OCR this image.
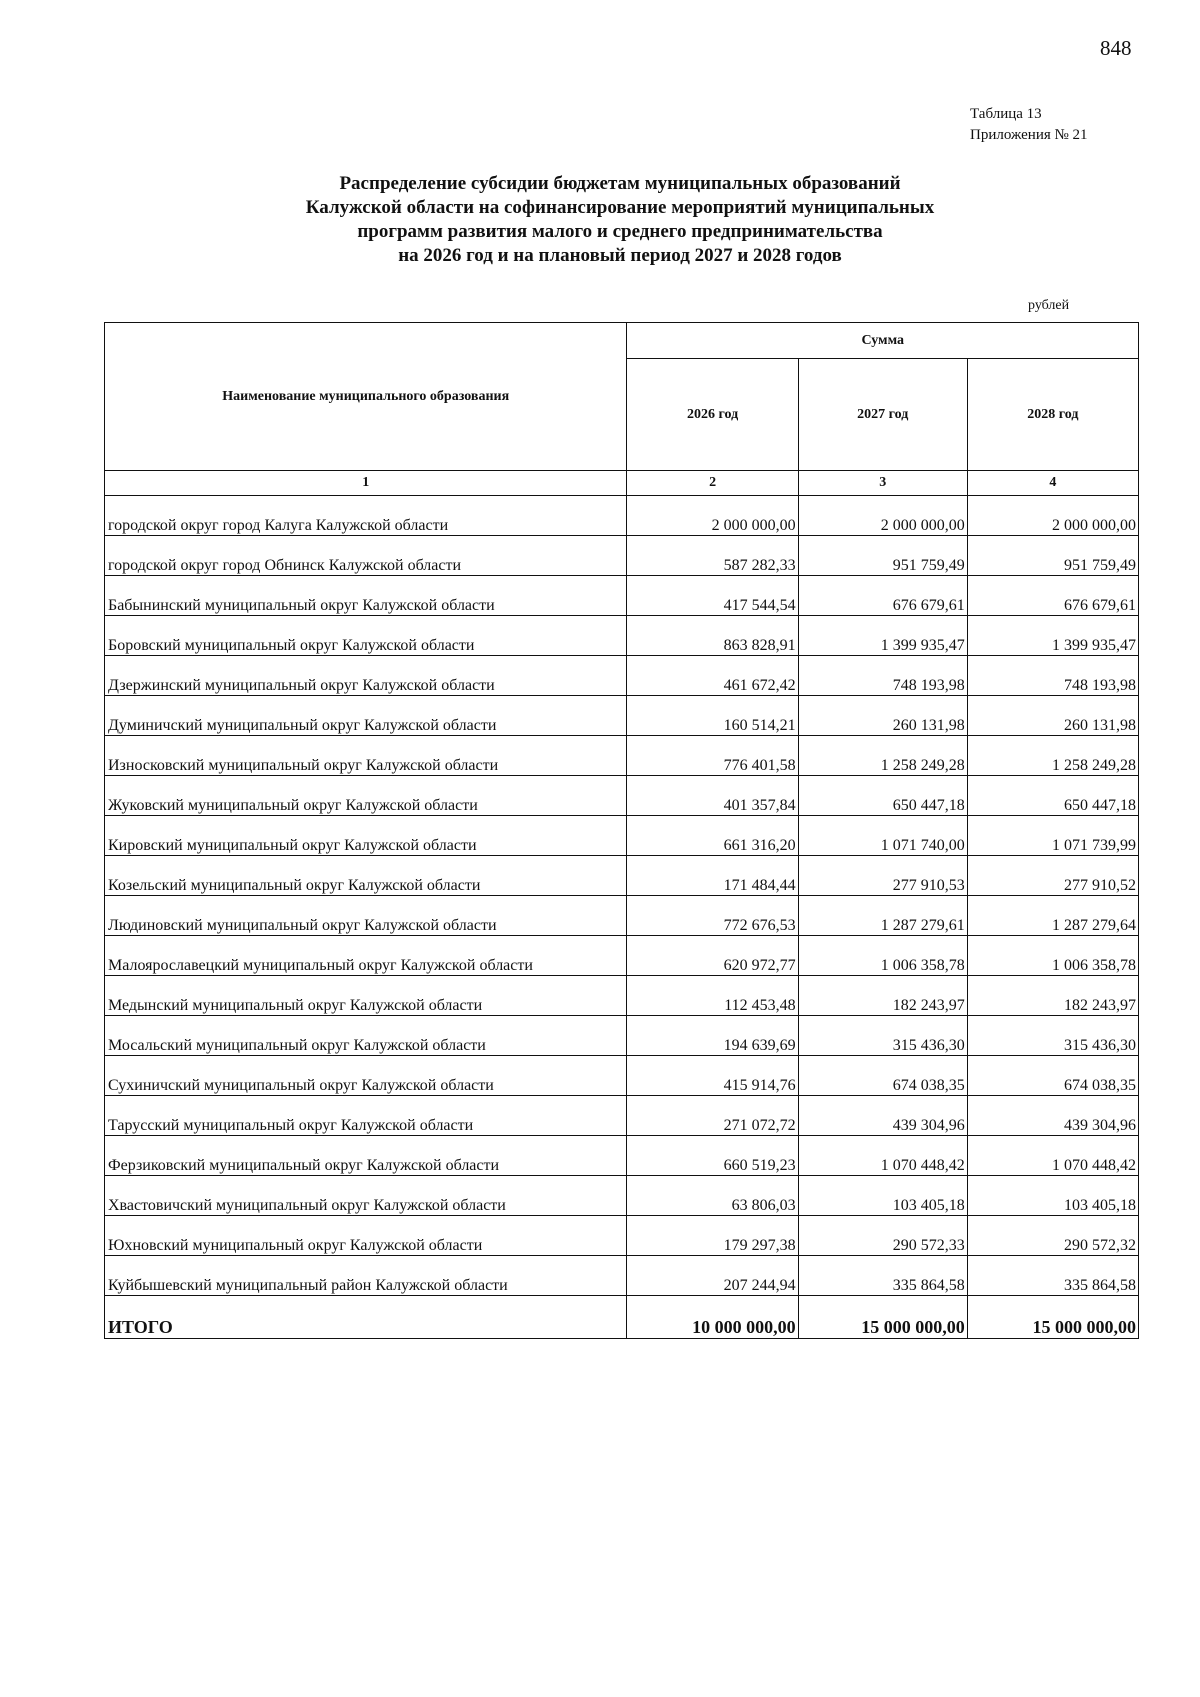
848
Таблица 13
Приложения № 21
Распределение субсидии бюджетам муниципальных образований
Калужской области на софинансирование мероприятий муниципальных
программ развития малого и среднего предпринимательства
на 2026 год и на плановый период 2027 и 2028 годов
рублей
Наименование муниципального образования	Сумма		
	2026 год	2027 год	2028 год
1	2	3	4
городской округ город Калуга Калужской области	2 000 000,00	2 000 000,00	2 000 000,00
городской округ город Обнинск Калужской области	587 282,33	951 759,49	951 759,49
Бабынинский муниципальный округ Калужской области	417 544,54	676 679,61	676 679,61
Боровский муниципальный округ Калужской области	863 828,91	1 399 935,47	1 399 935,47
Дзержинский муниципальный округ Калужской области	461 672,42	748 193,98	748 193,98
Думиничский муниципальный округ Калужской области	160 514,21	260 131,98	260 131,98
Износковский муниципальный округ Калужской области	776 401,58	1 258 249,28	1 258 249,28
Жуковский муниципальный округ Калужской области	401 357,84	650 447,18	650 447,18
Кировский муниципальный округ Калужской области	661 316,20	1 071 740,00	1 071 739,99
Козельский муниципальный округ Калужской области	171 484,44	277 910,53	277 910,52
Людиновский муниципальный округ Калужской области	772 676,53	1 287 279,61	1 287 279,64
Малоярославецкий муниципальный округ Калужской области	620 972,77	1 006 358,78	1 006 358,78
Медынский муниципальный округ Калужской области	112 453,48	182 243,97	182 243,97
Мосальский муниципальный округ Калужской области	194 639,69	315 436,30	315 436,30
Сухиничский муниципальный округ Калужской области	415 914,76	674 038,35	674 038,35
Тарусский муниципальный округ Калужской области	271 072,72	439 304,96	439 304,96
Ферзиковский муниципальный округ Калужской области	660 519,23	1 070 448,42	1 070 448,42
Хвастовичский муниципальный округ Калужской области	63 806,03	103 405,18	103 405,18
Юхновский муниципальный округ Калужской области	179 297,38	290 572,33	290 572,32
Куйбышевский муниципальный район Калужской области	207 244,94	335 864,58	335 864,58
ИТОГО	10 000 000,00	15 000 000,00	15 000 000,00
